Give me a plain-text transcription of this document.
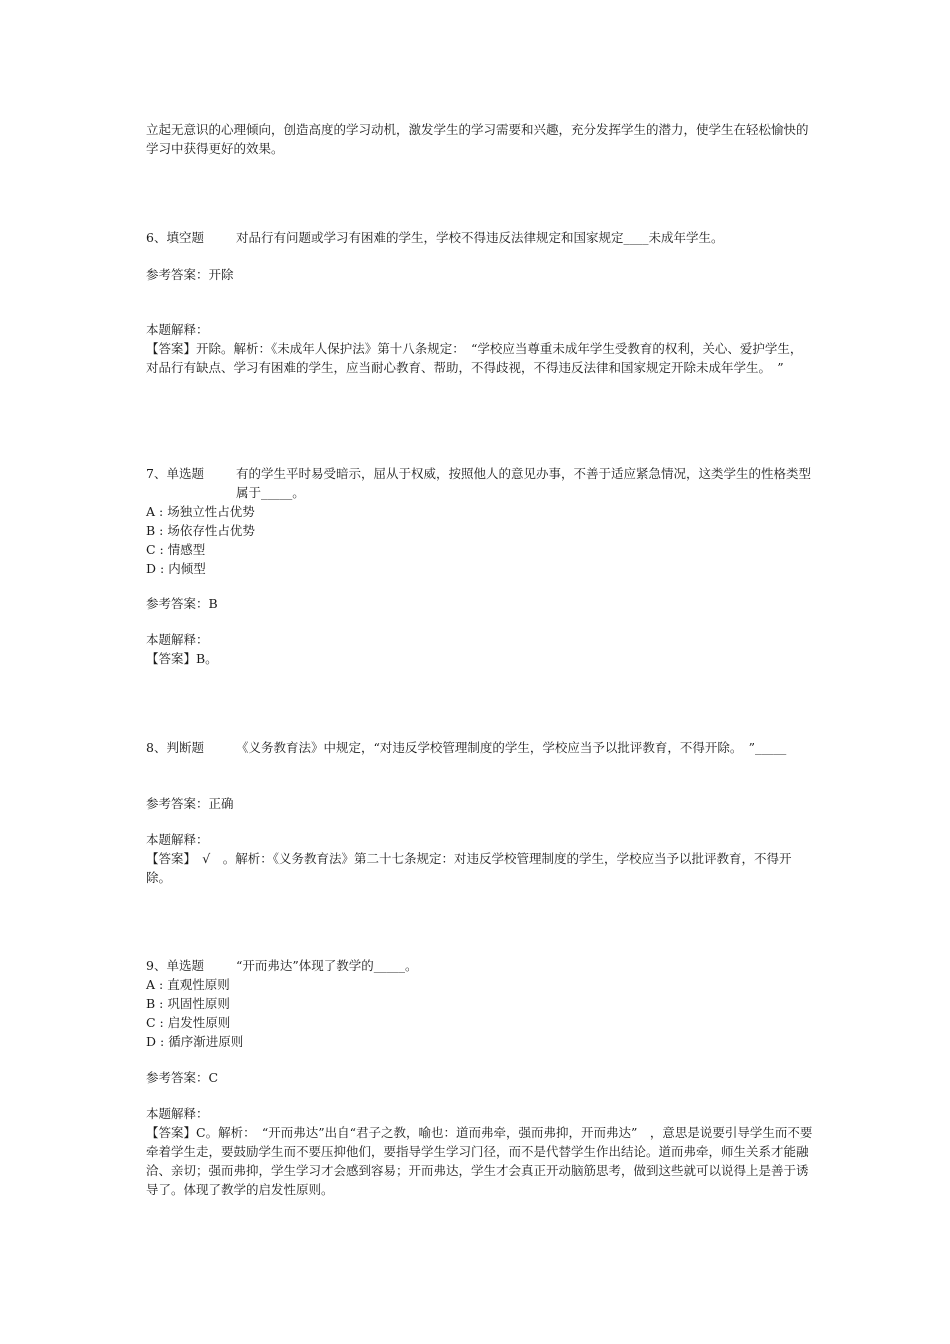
立起无意识的心理倾向，创造高度的学习动机，激发学生的学习需要和兴趣，充分发挥学生的潜力，使学生在轻松愉快的学习中获得更好的效果。

6、 填空题	对品行有问题或学习有困难的学生，学校不得违反法律规定和国家规定____未成年学生。

参考答案：开除

本题解释：

【答案】开除。解析：《未成年人保护法》第十八条规定：　“学校应当尊重未成年学生受教育的权利，关心、爱护学生，对品行有缺点、学习有困难的学生，应当耐心教育、帮助，不得歧视，不得违反法律和国家规定开除未成年学生。　”

7、 单选题	有的学生平时易受暗示，屈从于权威，按照他人的意见办事，不善于适应紧急情况，这类学生的性格类型属于_____。

A : 场独立性占优势

B : 场依存性占优势

C : 情感型

D : 内倾型

参考答案：B

本题解释：

【答案】B。

8、 判断题	《义务教育法》中规定，“对违反学校管理制度的学生，学校应当予以批评教育，不得开除。　”_____

参考答案：正确

本题解释：

【答案】　√　。解析：《义务教育法》第二十七条规定：对违反学校管理制度的学生，学校应当予以批评教育，不得开除。

9、 单选题	“开而弗达”体现了教学的_____。

A : 直观性原则

B : 巩固性原则

C : 启发性原则

D : 循序渐进原则

参考答案：C

本题解释：

【答案】C。解析：　“开而弗达”出自“君子之教，喻也：道而弗牵，强而弗抑，开而弗达”　，意思是说要引导学生而不要牵着学生走，要鼓励学生而不要压抑他们，要指导学生学习门径，而不是代替学生作出结论。道而弗牵，师生关系才能融洽、亲切；强而弗抑，学生学习才会感到容易；开而弗达，学生才会真正开动脑筋思考，做到这些就可以说得上是善于诱导了。体现了教学的启发性原则。
